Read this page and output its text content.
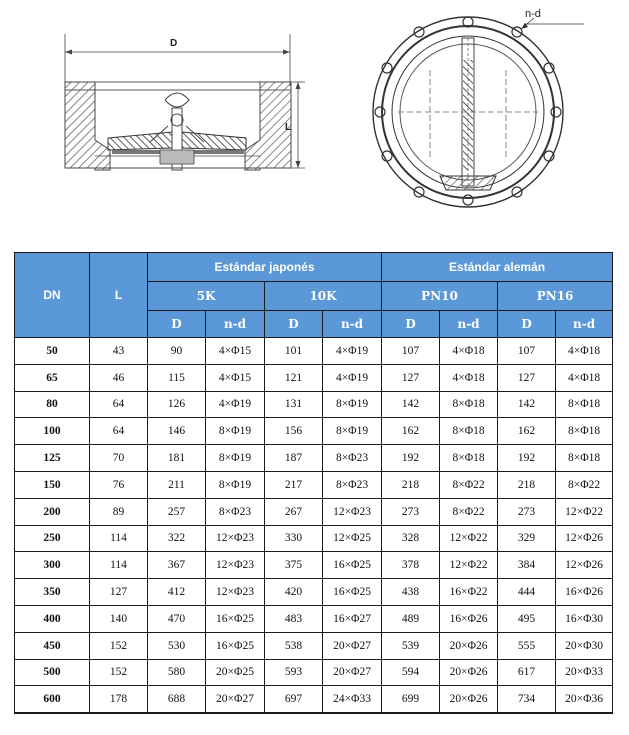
D
L
n-d
DN	L	Estándar japonés				Estándar alemán			
		5K		10K		PN10		PN16	
		D	n-d	D	n-d	D	n-d	D	n-d
50	43	90	4×Φ15	101	4×Φ19	107	4×Φ18	107	4×Φ18
65	46	115	4×Φ15	121	4×Φ19	127	4×Φ18	127	4×Φ18
80	64	126	4×Φ19	131	8×Φ19	142	8×Φ18	142	8×Φ18
100	64	146	8×Φ19	156	8×Φ19	162	8×Φ18	162	8×Φ18
125	70	181	8×Φ19	187	8×Φ23	192	8×Φ18	192	8×Φ18
150	76	211	8×Φ19	217	8×Φ23	218	8×Φ22	218	8×Φ22
200	89	257	8×Φ23	267	12×Φ23	273	8×Φ22	273	12×Φ22
250	114	322	12×Φ23	330	12×Φ25	328	12×Φ22	329	12×Φ26
300	114	367	12×Φ23	375	16×Φ25	378	12×Φ22	384	12×Φ26
350	127	412	12×Φ23	420	16×Φ25	438	16×Φ22	444	16×Φ26
400	140	470	16×Φ25	483	16×Φ27	489	16×Φ26	495	16×Φ30
450	152	530	16×Φ25	538	20×Φ27	539	20×Φ26	555	20×Φ30
500	152	580	20×Φ25	593	20×Φ27	594	20×Φ26	617	20×Φ33
600	178	688	20×Φ27	697	24×Φ33	699	20×Φ26	734	20×Φ36
